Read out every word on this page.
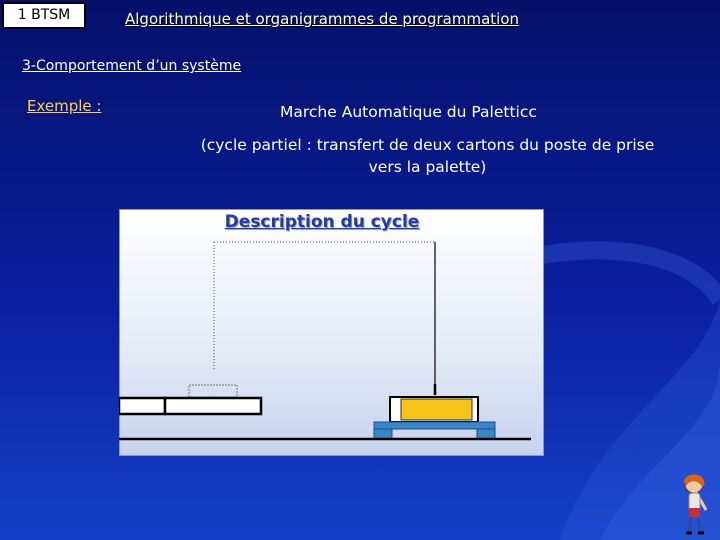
1 BTSM	Algorithmique et organigrammes de programmation
3-Comportement d’un système
Exemple :	Marche Automatique du Paletticc
(cycle partiel : transfert de deux cartons du poste de prise
vers la palette)
Description du cycle
